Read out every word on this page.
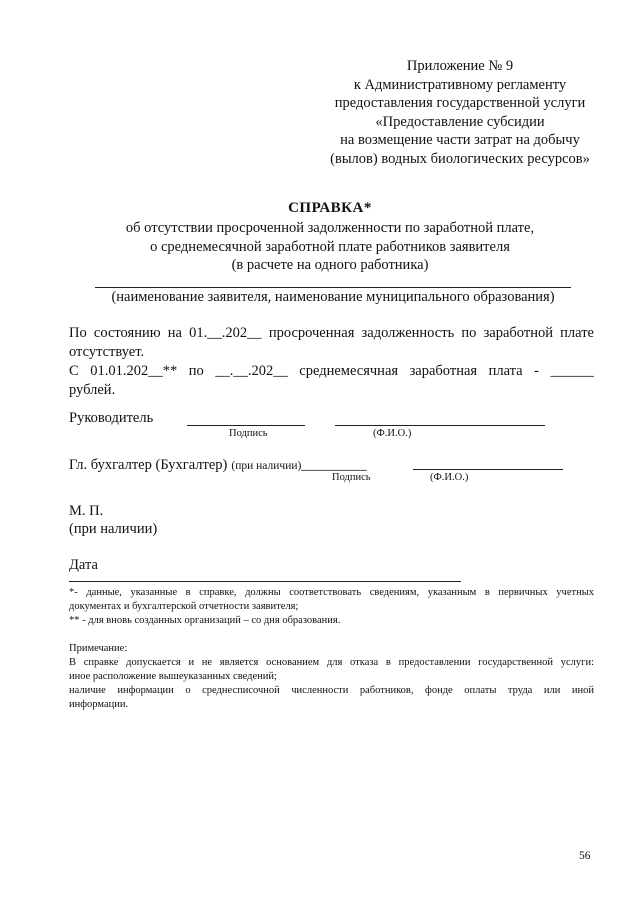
Приложение № 9
к Административному регламенту
предоставления государственной услуги
«Предоставление субсидии
на возмещение части затрат на добычу
(вылов) водных биологических ресурсов»
СПРАВКА*
об отсутствии просроченной задолженности по заработной плате,
о среднемесячной заработной плате работников заявителя
(в расчете на одного работника)
(наименование заявителя, наименование муниципального образования)
По состоянию на 01.__.202__ просроченная задолженность по заработной плате
отсутствует.
С 01.01.202__** по __.__.202__ среднемесячная заработная плата - ______
рублей.
Руководитель
Подпись	(Ф.И.О.)
Гл. бухгалтер (Бухгалтер) (при наличии)_________
Подпись	(Ф.И.О.)
М. П.
(при наличии)
Дата
*- данные, указанные в справке, должны соответствовать сведениям, указанным в первичных учетных
документах и бухгалтерской отчетности заявителя;
** - для вновь созданных организаций – со дня образования.
Примечание:
В справке допускается и не является основанием для отказа в предоставлении государственной услуги:
иное расположение вышеуказанных сведений;
наличие информации о среднесписочной численности работников, фонде оплаты труда или иной
информации.
56
